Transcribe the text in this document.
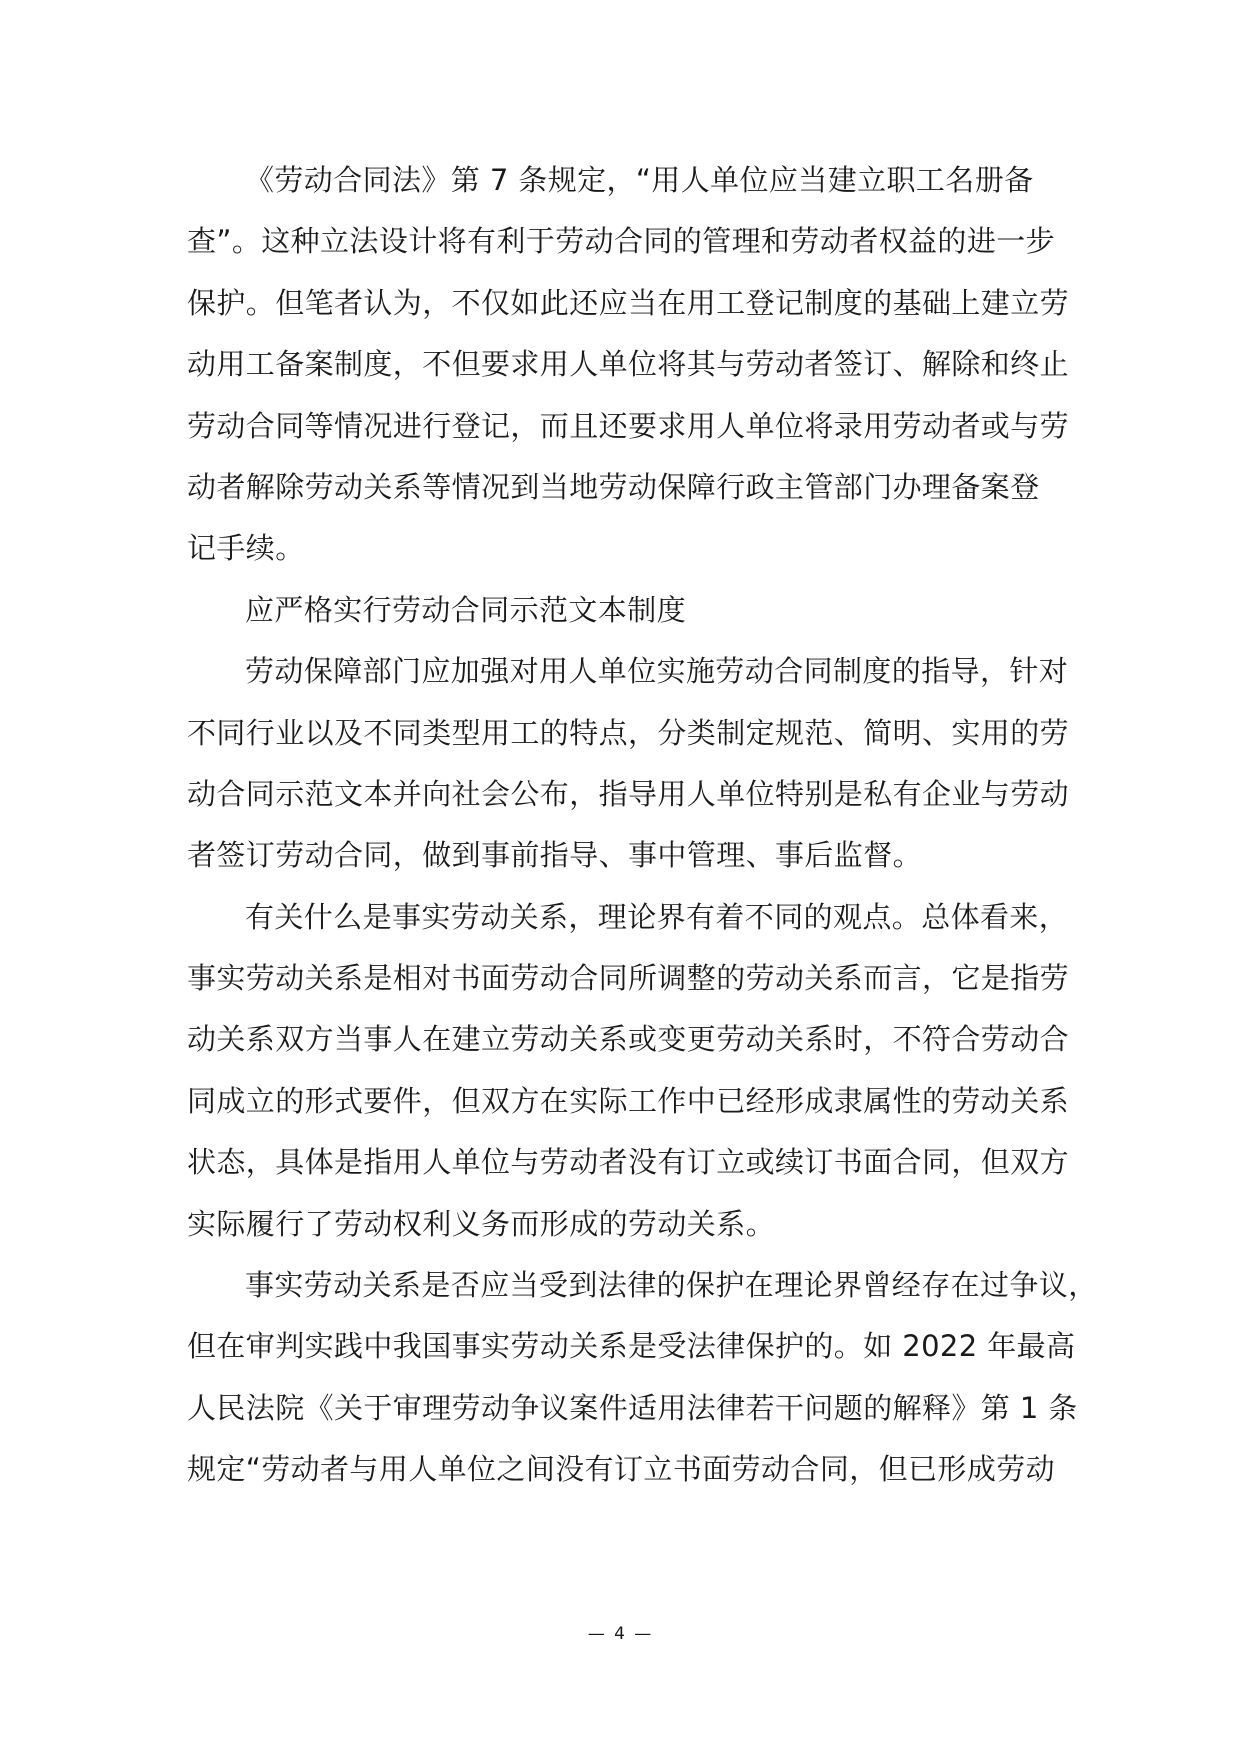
《劳动合同法》第 7 条规定，“用人单位应当建立职工名册备
查”。这种立法设计将有利于劳动合同的管理和劳动者权益的进一步
保护。但笔者认为，不仅如此还应当在用工登记制度的基础上建立劳
动用工备案制度，不但要求用人单位将其与劳动者签订、解除和终止
劳动合同等情况进行登记，而且还要求用人单位将录用劳动者或与劳
动者解除劳动关系等情况到当地劳动保障行政主管部门办理备案登
记手续。
应严格实行劳动合同示范文本制度
劳动保障部门应加强对用人单位实施劳动合同制度的指导，针对
不同行业以及不同类型用工的特点，分类制定规范、简明、实用的劳
动合同示范文本并向社会公布，指导用人单位特别是私有企业与劳动
者签订劳动合同，做到事前指导、事中管理、事后监督。
有关什么是事实劳动关系，理论界有着不同的观点。总体看来，
事实劳动关系是相对书面劳动合同所调整的劳动关系而言，它是指劳
动关系双方当事人在建立劳动关系或变更劳动关系时，不符合劳动合
同成立的形式要件，但双方在实际工作中已经形成隶属性的劳动关系
状态，具体是指用人单位与劳动者没有订立或续订书面合同，但双方
实际履行了劳动权利义务而形成的劳动关系。
事实劳动关系是否应当受到法律的保护在理论界曾经存在过争议，
但在审判实践中我国事实劳动关系是受法律保护的。如 2022 年最高
人民法院《关于审理劳动争议案件适用法律若干问题的解释》第 1 条
规定“劳动者与用人单位之间没有订立书面劳动合同，但已形成劳动
— 4 —
